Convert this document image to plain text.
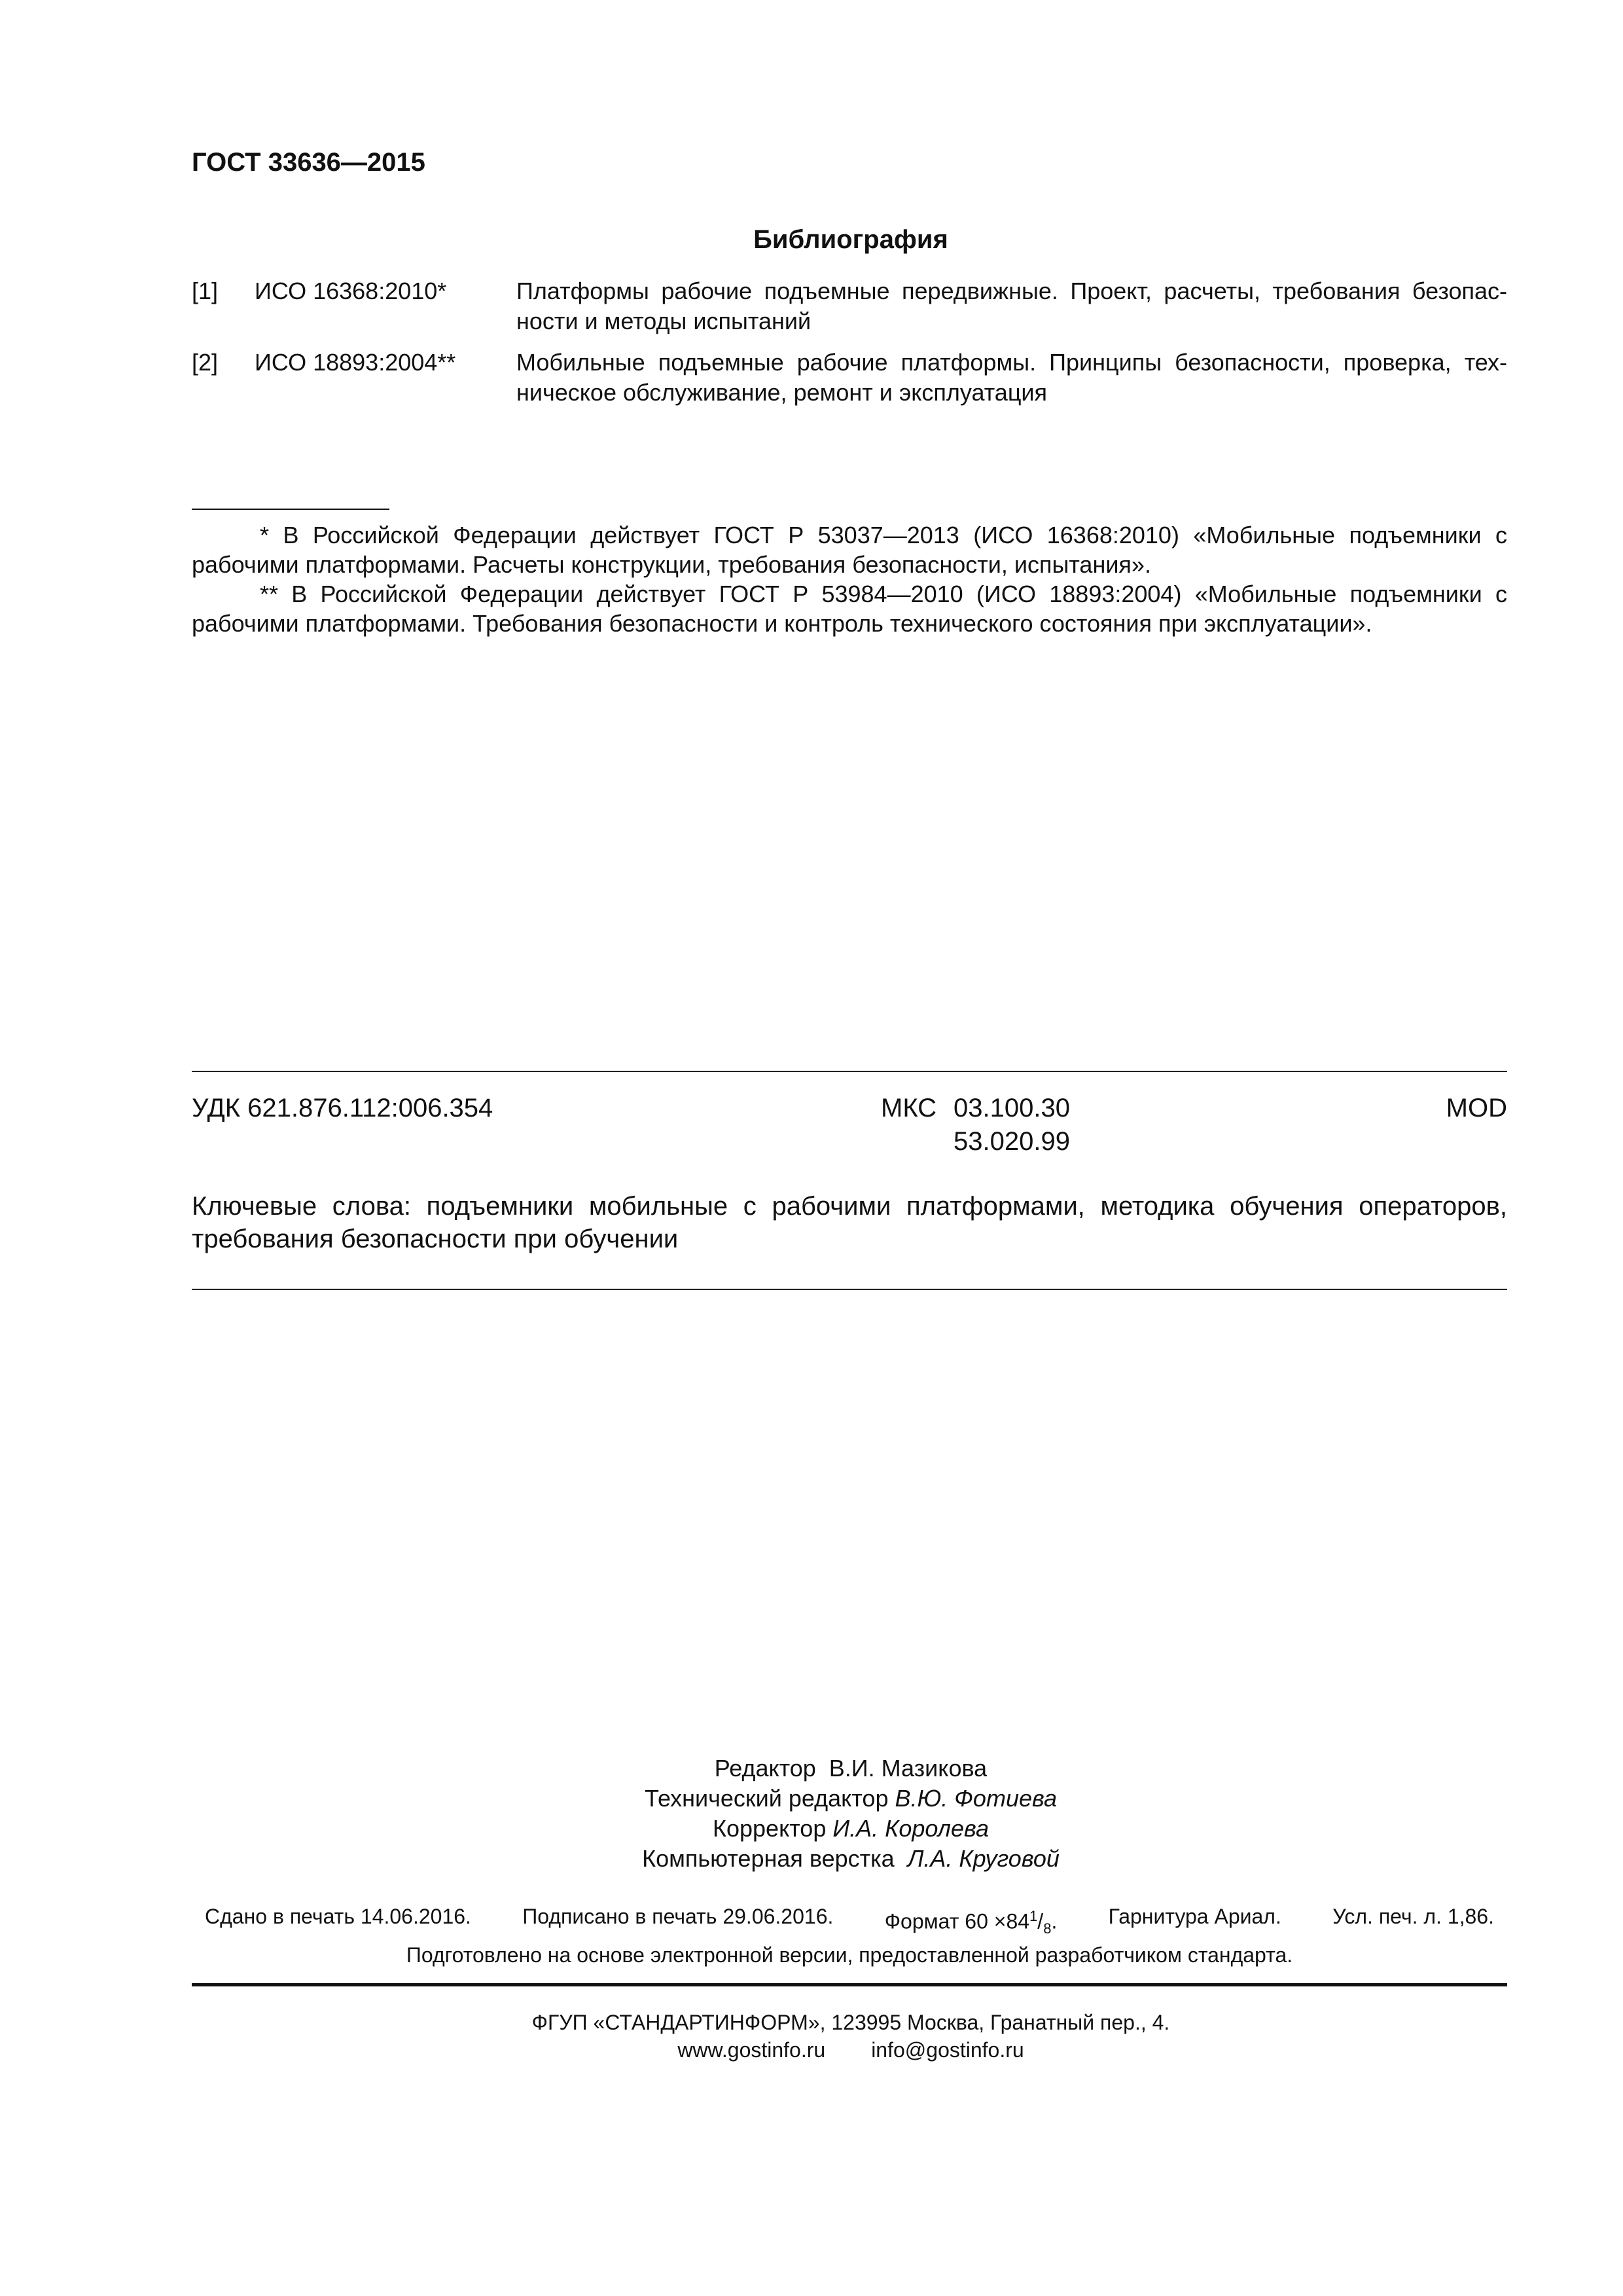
ГОСТ 33636—2015
Библиография
[1] ИСО 16368:2010*	Платформы рабочие подъемные передвижные. Проект, расчеты, требования безопас-ности и методы испытаний
[2] ИСО 18893:2004**	Мобильные подъемные рабочие платформы. Принципы безопасности, проверка, тех-ническое обслуживание, ремонт и эксплуатация
* В Российской Федерации действует ГОСТ Р 53037—2013 (ИСО 16368:2010) «Мобильные подъемники с рабочими платформами. Расчеты конструкции, требования безопасности, испытания».
** В Российской Федерации действует ГОСТ Р 53984—2010 (ИСО 18893:2004) «Мобильные подъемники с рабочими платформами. Требования безопасности и контроль технического состояния при эксплуатации».
УДК 621.876.112:006.354	МКС 03.100.30
53.020.99
MOD
Ключевые слова: подъемники мобильные с рабочими платформами, методика обучения операторов, требования безопасности при обучении
Редактор В.И. Мазикова
Технический редактор В.Ю. Фотиева
Корректор И.А. Королева
Компьютерная верстка Л.А. Круговой
Сдано в печать 14.06.2016. Подписано в печать 29.06.2016. Формат $60 \times 84^1/_8$. Гарнитура Ариал. Усл. печ. л. 1,86.
Подготовлено на основе электронной версии, предоставленной разработчиком стандарта.
ФГУП «СТАНДАРТИНФОРМ», 123995 Москва, Гранатный пер., 4.
www.gostinfo.ru info@gostinfo.ru
